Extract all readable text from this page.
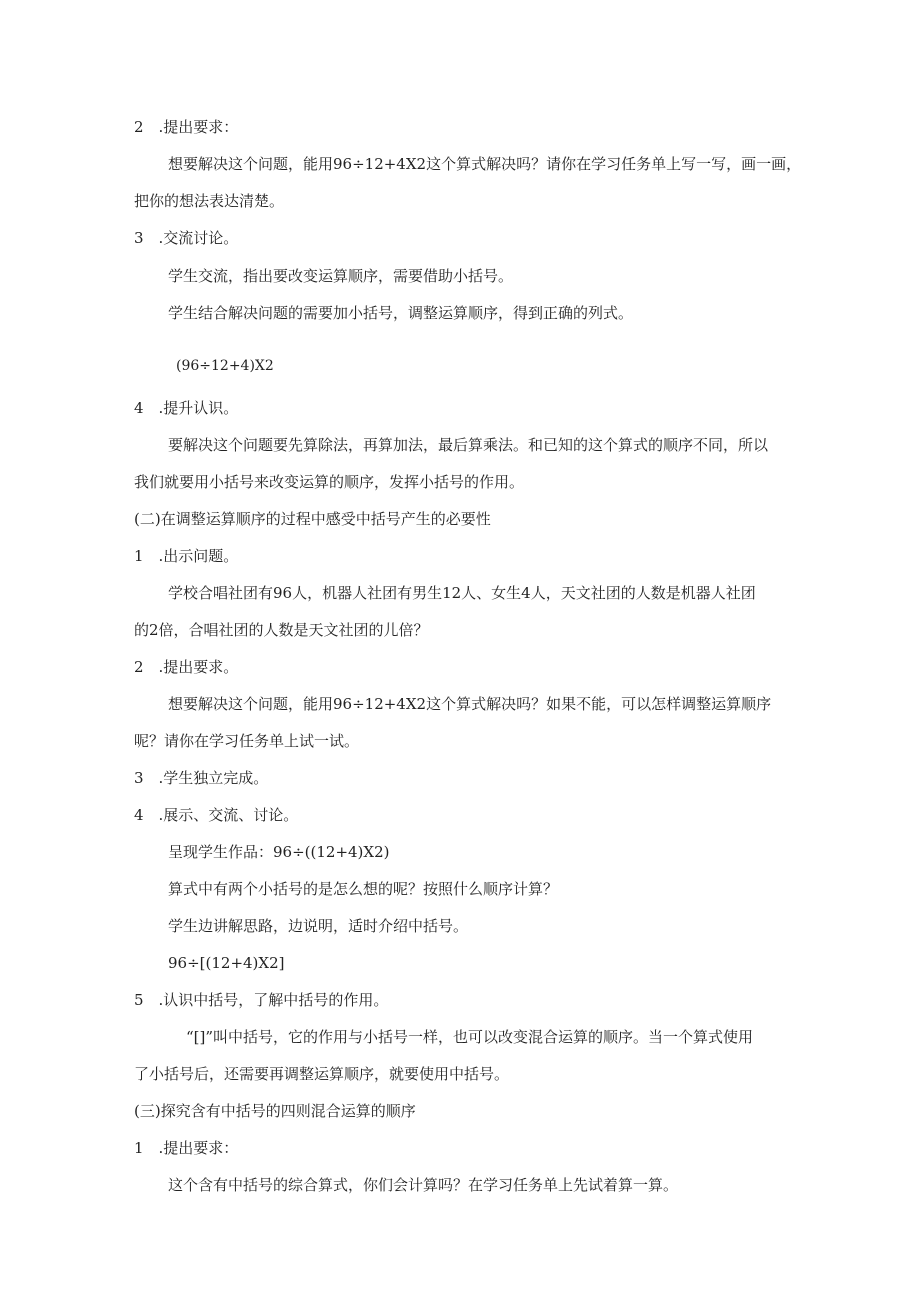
2　.提出要求：
想要解决这个问题，能用96÷12+4X2这个算式解决吗？请你在学习任务单上写一写，画一画，
把你的想法表达清楚。
3　.交流讨论。
学生交流，指出要改变运算顺序，需要借助小括号。
学生结合解决问题的需要加小括号，调整运算顺序，得到正确的列式。
(96÷12+4)X2
4　.提升认识。
要解决这个问题要先算除法，再算加法，最后算乘法。和已知的这个算式的顺序不同，所以
我们就要用小括号来改变运算的顺序，发挥小括号的作用。
(二)在调整运算顺序的过程中感受中括号产生的必要性
1　.出示问题。
学校合唱社团有96人，机器人社团有男生12人、女生4人，天文社团的人数是机器人社团
的2倍，合唱社团的人数是天文社团的儿倍？
2　.提出要求。
想要解决这个问题，能用96÷12+4X2这个算式解决吗？如果不能，可以怎样调整运算顺序
呢？请你在学习任务单上试一试。
3　.学生独立完成。
4　.展示、交流、讨论。
呈现学生作品：96÷((12+4)X2)
算式中有两个小括号的是怎么想的呢？按照什么顺序计算？
学生边讲解思路，边说明，适时介绍中括号。
96÷[(12+4)X2]
5　.认识中括号，了解中括号的作用。
“[]”叫中括号，它的作用与小括号一样，也可以改变混合运算的顺序。当一个算式使用
了小括号后，还需要再调整运算顺序，就要使用中括号。
(三)探究含有中括号的四则混合运算的顺序
1　.提出要求：
这个含有中括号的综合算式，你们会计算吗？在学习任务单上先试着算一算。
